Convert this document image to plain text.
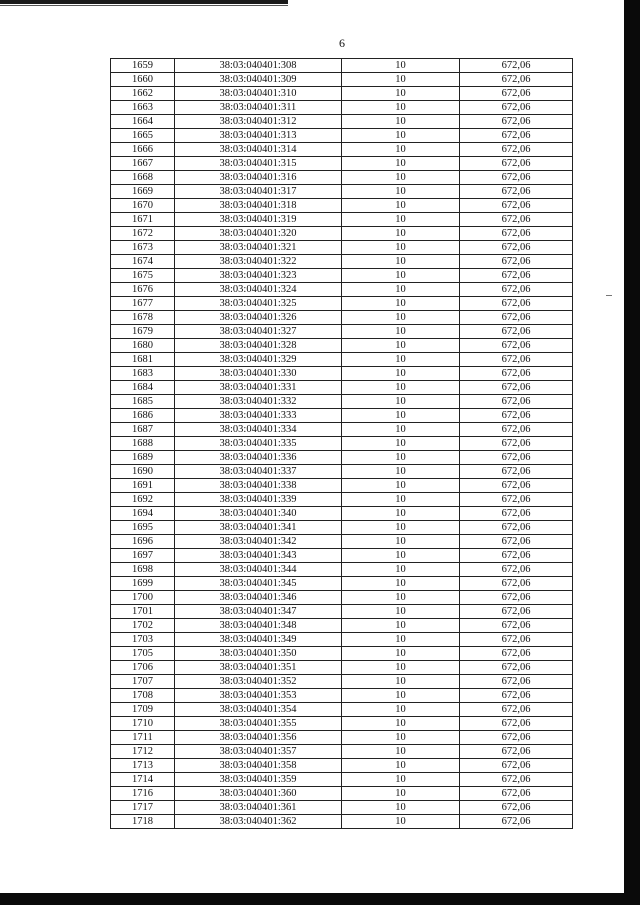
6
1659	38:03:040401:308	10	672,06
1660	38:03:040401:309	10	672,06
1662	38:03:040401:310	10	672,06
1663	38:03:040401:311	10	672,06
1664	38:03:040401:312	10	672,06
1665	38:03:040401:313	10	672,06
1666	38:03:040401:314	10	672,06
1667	38:03:040401:315	10	672,06
1668	38:03:040401:316	10	672,06
1669	38:03:040401:317	10	672,06
1670	38:03:040401:318	10	672,06
1671	38:03:040401:319	10	672,06
1672	38:03:040401:320	10	672,06
1673	38:03:040401:321	10	672,06
1674	38:03:040401:322	10	672,06
1675	38:03:040401:323	10	672,06
1676	38:03:040401:324	10	672,06
1677	38:03:040401:325	10	672,06
1678	38:03:040401:326	10	672,06
1679	38:03:040401:327	10	672,06
1680	38:03:040401:328	10	672,06
1681	38:03:040401:329	10	672,06
1683	38:03:040401:330	10	672,06
1684	38:03:040401:331	10	672,06
1685	38:03:040401:332	10	672,06
1686	38:03:040401:333	10	672,06
1687	38:03:040401:334	10	672,06
1688	38:03:040401:335	10	672,06
1689	38:03:040401:336	10	672,06
1690	38:03:040401:337	10	672,06
1691	38:03:040401:338	10	672,06
1692	38:03:040401:339	10	672,06
1694	38:03:040401:340	10	672,06
1695	38:03:040401:341	10	672,06
1696	38:03:040401:342	10	672,06
1697	38:03:040401:343	10	672,06
1698	38:03:040401:344	10	672,06
1699	38:03:040401:345	10	672,06
1700	38:03:040401:346	10	672,06
1701	38:03:040401:347	10	672,06
1702	38:03:040401:348	10	672,06
1703	38:03:040401:349	10	672,06
1705	38:03:040401:350	10	672,06
1706	38:03:040401:351	10	672,06
1707	38:03:040401:352	10	672,06
1708	38:03:040401:353	10	672,06
1709	38:03:040401:354	10	672,06
1710	38:03:040401:355	10	672,06
1711	38:03:040401:356	10	672,06
1712	38:03:040401:357	10	672,06
1713	38:03:040401:358	10	672,06
1714	38:03:040401:359	10	672,06
1716	38:03:040401:360	10	672,06
1717	38:03:040401:361	10	672,06
1718	38:03:040401:362	10	672,06
